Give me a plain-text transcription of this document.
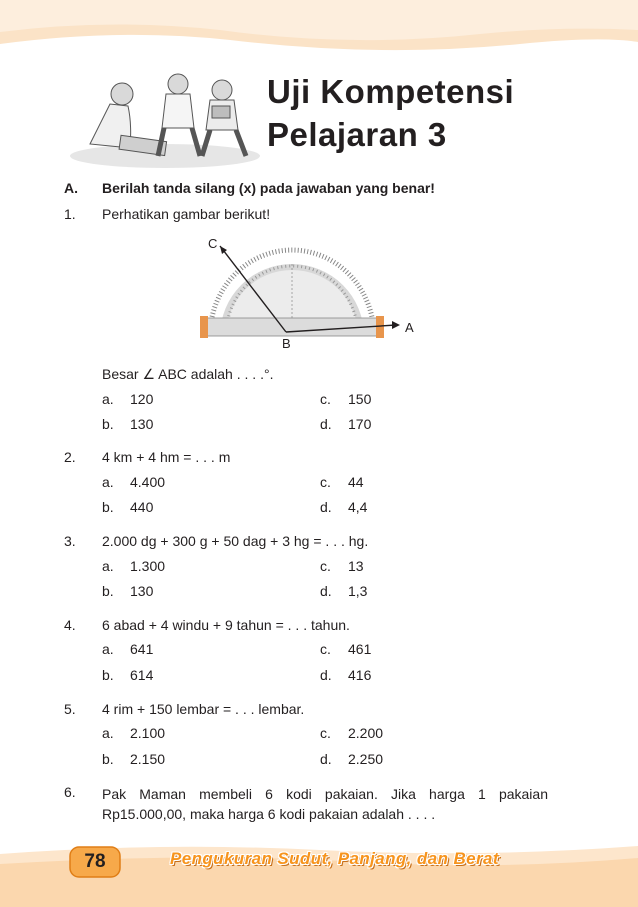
Uji Kompetensi
Pelajaran 3
A. Berilah tanda silang (x) pada jawaban yang benar!
1. Perhatikan gambar berikut!
C
B
A
Besar ∠ ABC adalah . . . .°.
a. 120
b. 130
c. 150
d. 170
2. 4 km + 4 hm = . . . m
a. 4.400
b. 440
c. 44
d. 4,4
3. 2.000 dg + 300 g + 50 dag + 3 hg = . . . hg.
a. 1.300
b. 130
c. 13
d. 1,3
4. 6 abad + 4 windu + 9 tahun = . . . tahun.
a. 641
b. 614
c. 461
d. 416
5. 4 rim + 150 lembar = . . . lembar.
a. 2.100
b. 2.150
c. 2.200
d. 2.250
6. Pak Maman membeli 6 kodi pakaian. Jika harga 1 pakaian Rp15.000,00, maka harga 6 kodi pakaian adalah . . . .
78	Pengukuran Sudut, Panjang, dan Berat
